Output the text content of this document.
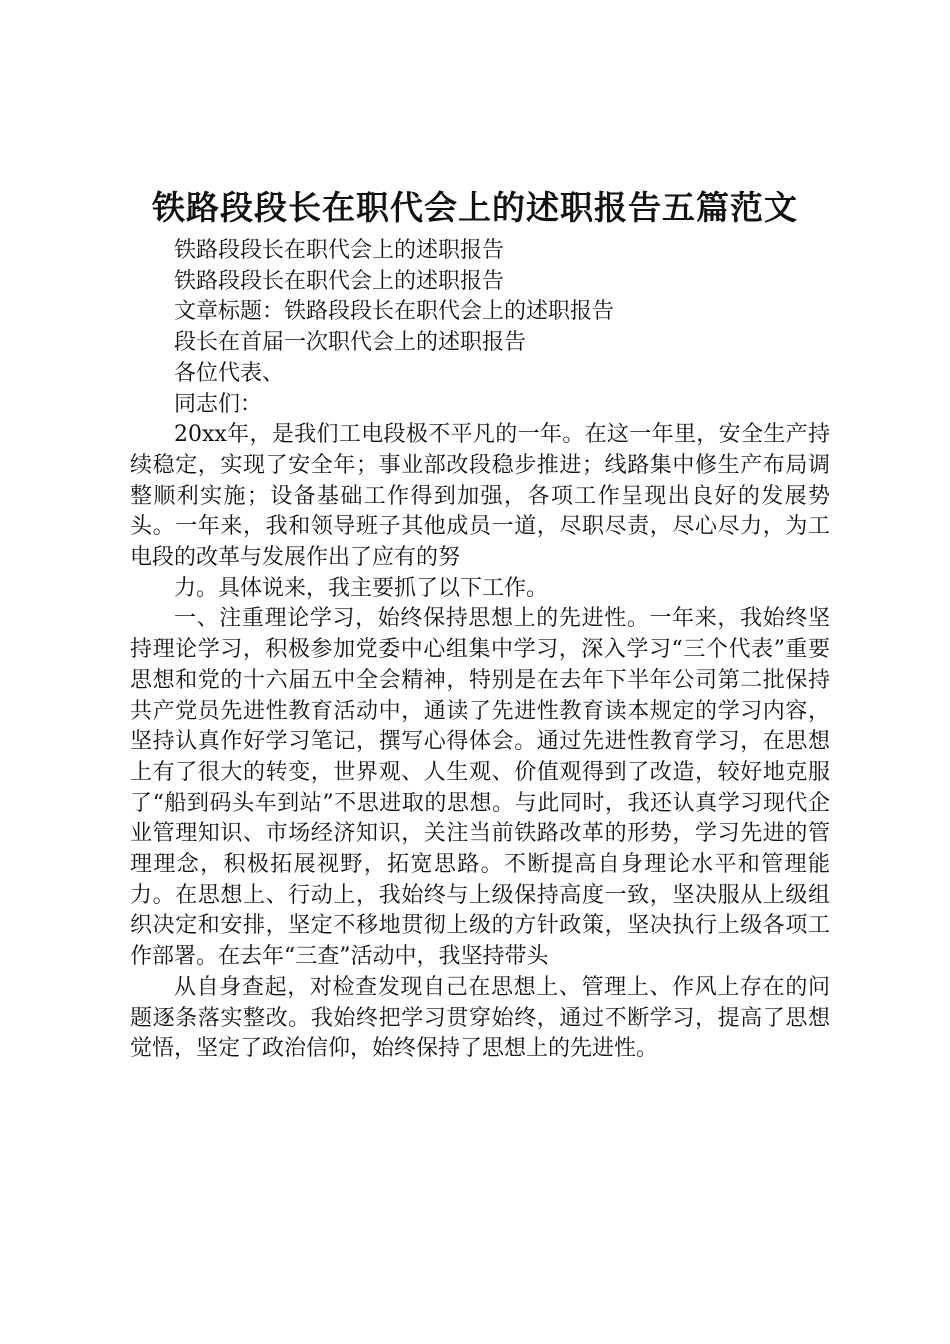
铁路段段长在职代会上的述职报告五篇范文

铁路段段长在职代会上的述职报告

铁路段段长在职代会上的述职报告

文章标题：铁路段段长在职代会上的述职报告

段长在首届一次职代会上的述职报告

各位代表、

同志们：

20xx年，是我们工电段极不平凡的一年。在这一年里，安全生产持续稳定，实现了安全年；事业部改段稳步推进；线路集中修生产布局调整顺利实施；设备基础工作得到加强，各项工作呈现出良好的发展势头。一年来，我和领导班子其他成员一道，尽职尽责，尽心尽力，为工电段的改革与发展作出了应有的努

力。具体说来，我主要抓了以下工作。

一、注重理论学习，始终保持思想上的先进性。一年来，我始终坚持理论学习，积极参加党委中心组集中学习，深入学习“三个代表”重要思想和党的十六届五中全会精神，特别是在去年下半年公司第二批保持共产党员先进性教育活动中，通读了先进性教育读本规定的学习内容，坚持认真作好学习笔记，撰写心得体会。通过先进性教育学习，在思想上有了很大的转变，世界观、人生观、价值观得到了改造，较好地克服了“船到码头车到站”不思进取的思想。与此同时，我还认真学习现代企业管理知识、市场经济知识，关注当前铁路改革的形势，学习先进的管理理念，积极拓展视野，拓宽思路。不断提高自身理论水平和管理能力。在思想上、行动上，我始终与上级保持高度一致，坚决服从上级组织决定和安排，坚定不移地贯彻上级的方针政策，坚决执行上级各项工作部署。在去年“三查”活动中，我坚持带头

从自身查起，对检查发现自己在思想上、管理上、作风上存在的问题逐条落实整改。我始终把学习贯穿始终，通过不断学习，提高了思想觉悟，坚定了政治信仰，始终保持了思想上的先进性。
